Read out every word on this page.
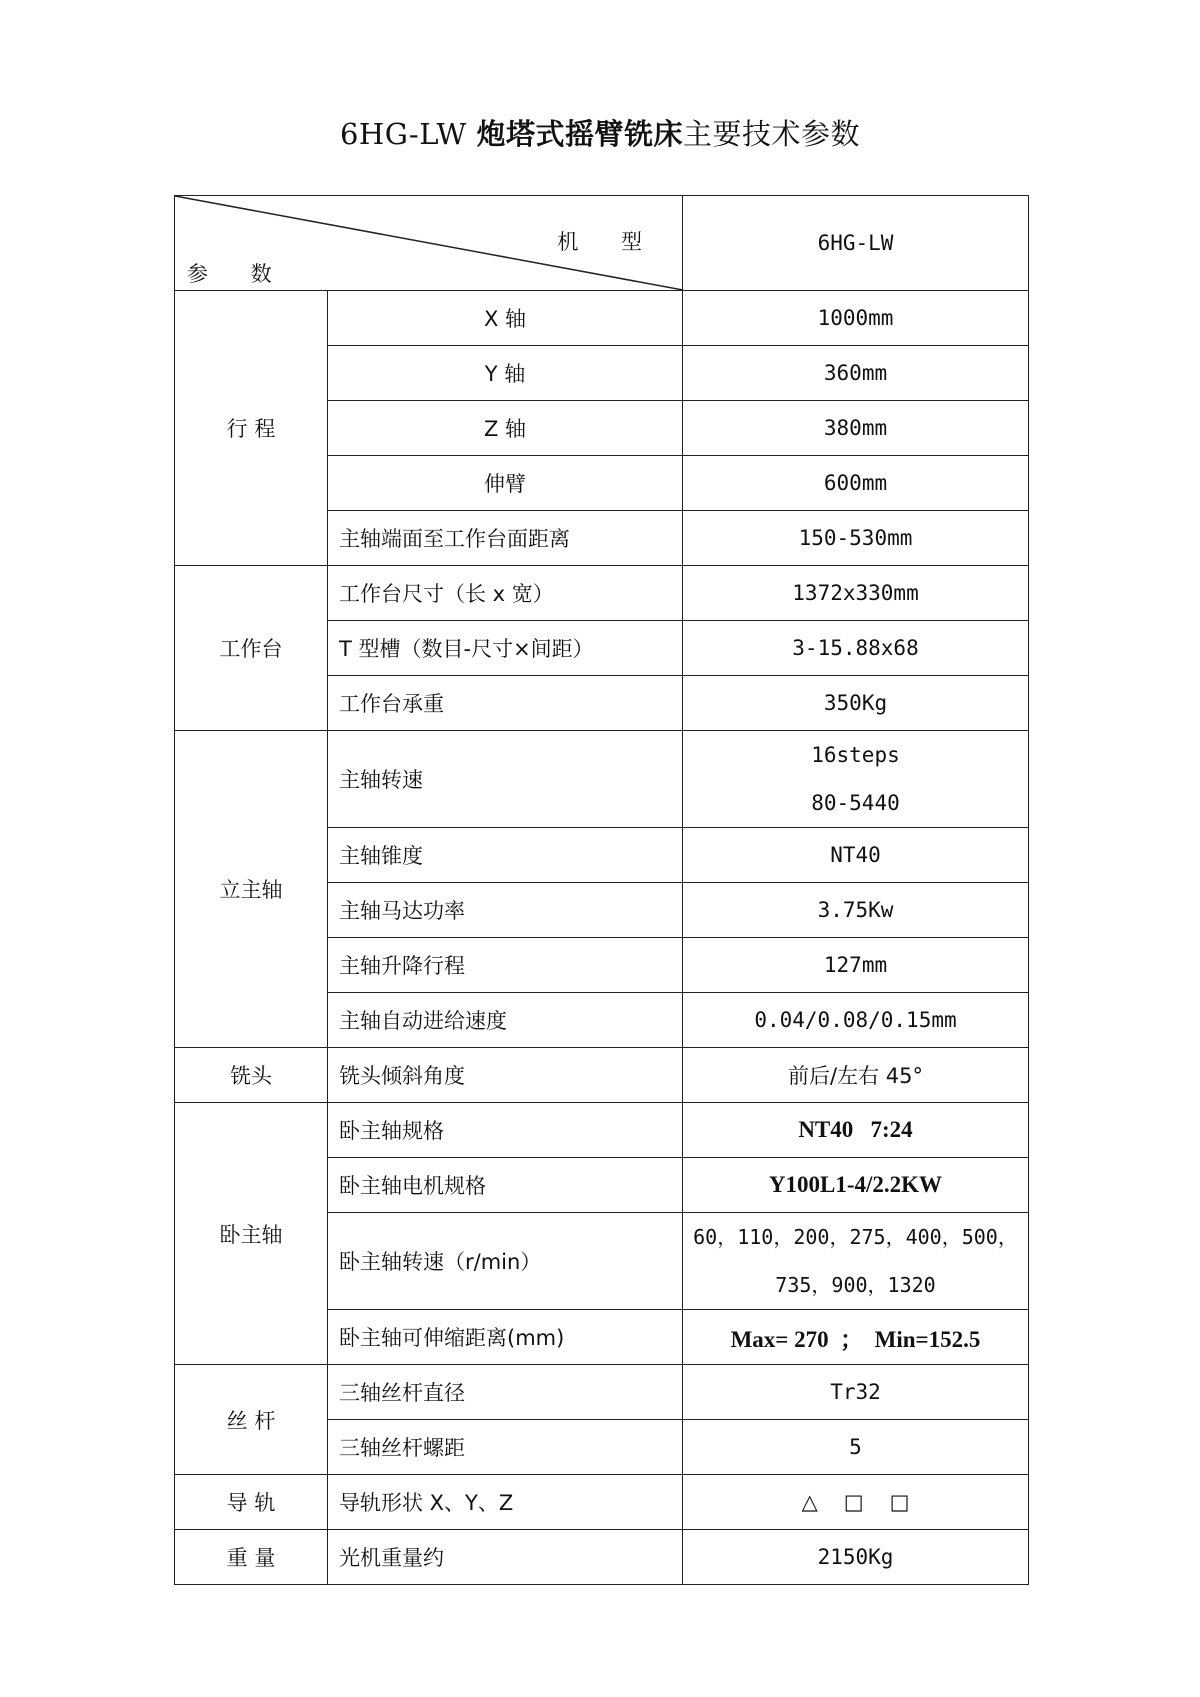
6HG-LW 炮塔式摇臂铣床主要技术参数
机 型
参 数		6HG-LW
行 程	X 轴	1000mm
	Y 轴	360mm
	Z 轴	380mm
	伸臂	600mm
	主轴端面至工作台面距离	150-530mm
工作台	工作台尺寸（长 x 宽）	1372x330mm
	T 型槽（数目-尺寸×间距）	3-15.88x68
	工作台承重	350Kg
立主轴	主轴转速	16steps
80-5440

	主轴锥度	NT40
	主轴马达功率	3.75Kw
	主轴升降行程	127mm
	主轴自动进给速度	0.04/0.08/0.15mm
铣头	铣头倾斜角度	前后/左右 45°
卧主轴	卧主轴规格	NT40   7:24
	卧主轴电机规格	Y100L1-4/2.2KW
	卧主轴转速（r/min）	60，110，200，275，400，500，
735，900，1320

	卧主轴可伸缩距离(mm)	Max= 270  ；  Min=152.5
丝 杆	三轴丝杆直径	Tr32
	三轴丝杆螺距	5
导 轨	导轨形状 X、Y、Z	△ □ □
重 量	光机重量约	2150Kg
